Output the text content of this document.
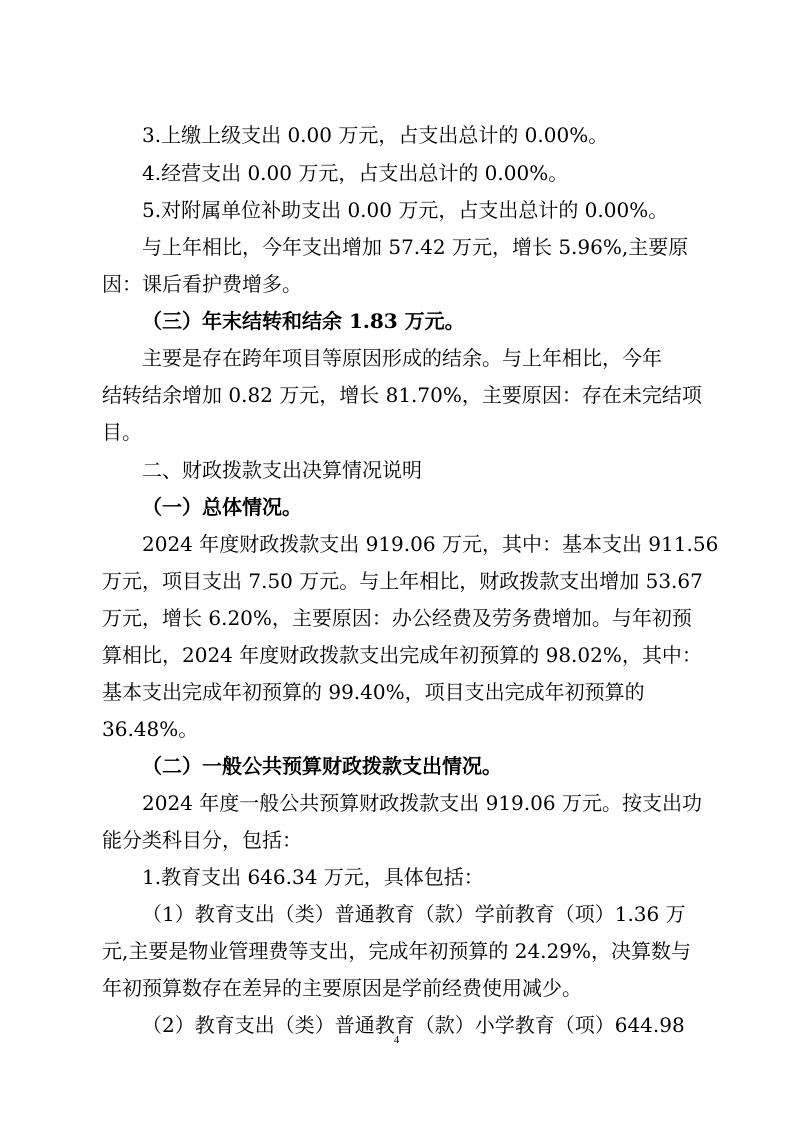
3.上缴上级支出 0.00 万元，占支出总计的 0.00%。
4.经营支出 0.00 万元，占支出总计的 0.00%。
5.对附属单位补助支出 0.00 万元，占支出总计的 0.00%。
与上年相比，今年支出增加 57.42 万元，增长 5.96%,主要原
因：课后看护费增多。
（三）年末结转和结余 1.83 万元。
主要是存在跨年项目等原因形成的结余。与上年相比，今年
结转结余增加 0.82 万元，增长 81.70%，主要原因：存在未完结项
目。
二、财政拨款支出决算情况说明
（一）总体情况。
2024 年度财政拨款支出 919.06 万元，其中：基本支出 911.56
万元，项目支出 7.50 万元。与上年相比，财政拨款支出增加 53.67
万元，增长 6.20%，主要原因：办公经费及劳务费增加。与年初预
算相比，2024 年度财政拨款支出完成年初预算的 98.02%，其中：
基本支出完成年初预算的 99.40%，项目支出完成年初预算的
36.48%。
（二）一般公共预算财政拨款支出情况。
2024 年度一般公共预算财政拨款支出 919.06 万元。按支出功
能分类科目分，包括：
1.教育支出 646.34 万元，具体包括：
（1）教育支出（类）普通教育（款）学前教育（项）1.36 万
元,主要是物业管理费等支出，完成年初预算的 24.29%，决算数与
年初预算数存在差异的主要原因是学前经费使用减少。
（2）教育支出（类）普通教育（款）小学教育（项）644.98
4
